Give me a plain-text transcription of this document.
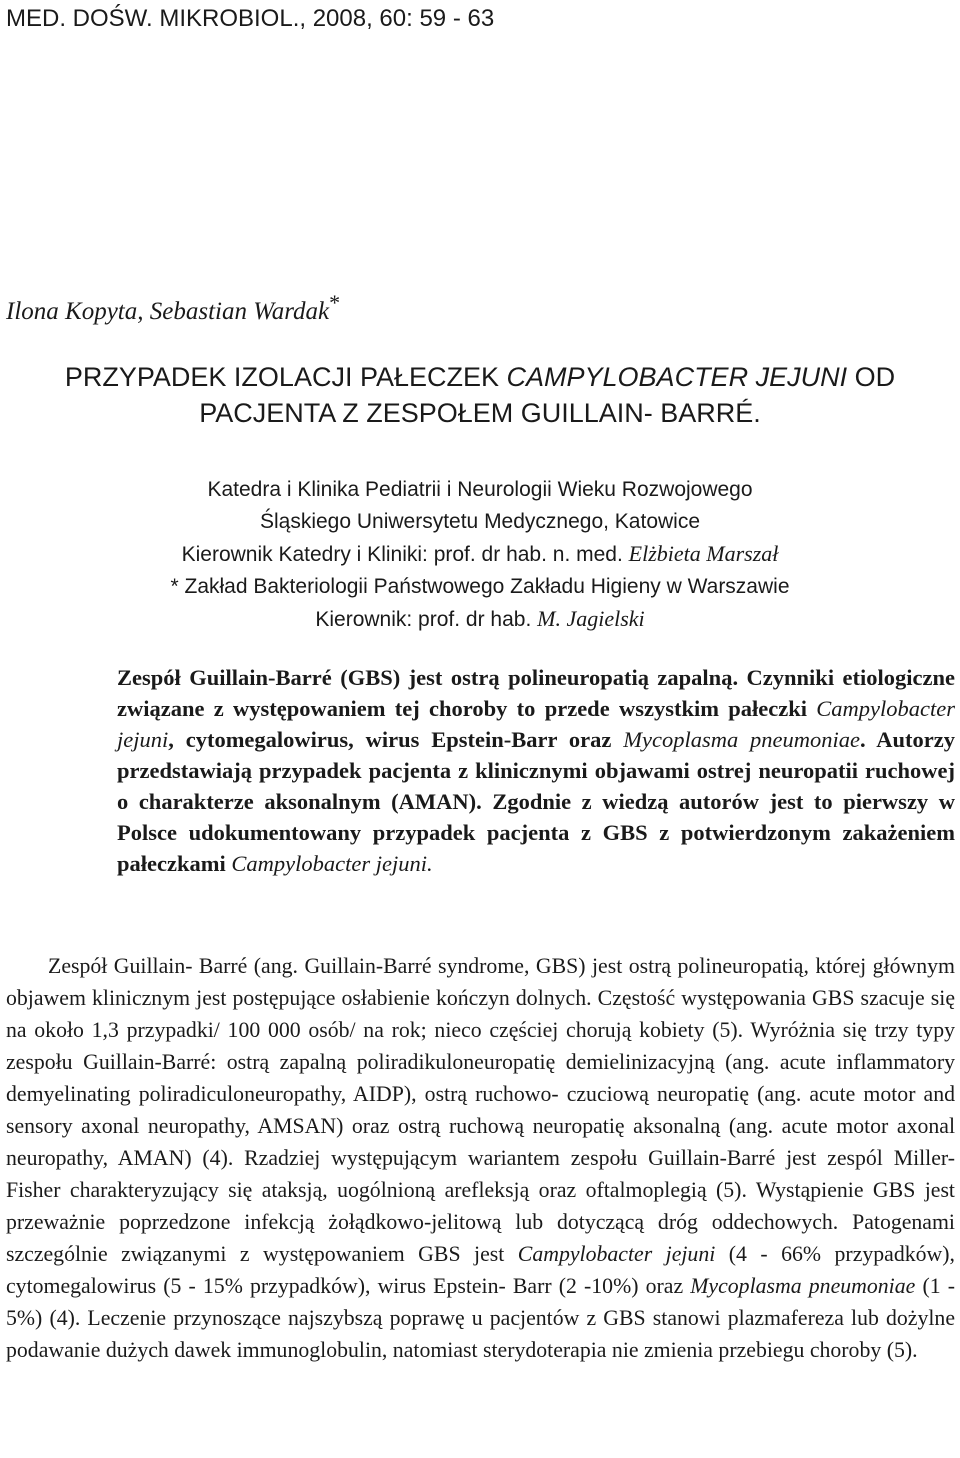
MED. DOŚW. MIKROBIOL., 2008, 60: 59 - 63
Ilona Kopyta, Sebastian Wardak*
PRZYPADEK IZOLACJI PAŁECZEK CAMPYLOBACTER JEJUNI OD
PACJENTA Z ZESPOŁEM GUILLAIN- BARRÉ.
Katedra i Klinika Pediatrii i Neurologii Wieku Rozwojowego
Śląskiego Uniwersytetu Medycznego, Katowice
Kierownik Katedry i Kliniki: prof. dr hab. n. med. Elżbieta Marszał
* Zakład Bakteriologii Państwowego Zakładu Higieny w Warszawie
Kierownik: prof. dr hab. M. Jagielski
Zespół Guillain-Barré (GBS) jest ostrą polineuropatią zapalną. Czynniki etiologiczne związane z występowaniem tej choroby to przede wszystkim pałeczki Campylobacter jejuni, cytomegalowirus, wirus Epstein-Barr oraz Mycoplasma pneumoniae. Autorzy przedstawiają przypadek pacjenta z klinicznymi objawami ostrej neuropatii ruchowej o charakterze aksonalnym (AMAN). Zgodnie z wiedzą autorów jest to pierwszy w Polsce udokumentowany przypadek pacjenta z GBS z potwierdzonym zakażeniem pałeczkami Campylobacter jejuni.

Zespół Guillain- Barré (ang. Guillain-Barré syndrome, GBS) jest ostrą polineuropatią, której głównym objawem klinicznym jest postępujące osłabienie kończyn dolnych. Częstość występowania GBS szacuje się na około 1,3 przypadki/ 100 000 osób/ na rok; nieco częściej chorują kobiety (5). Wyróżnia się trzy typy zespołu Guillain-Barré: ostrą zapalną poliradikuloneuropatię demielinizacyjną (ang. acute inflammatory demyelinating poliradiculoneuropathy, AIDP), ostrą ruchowo- czuciową neuropatię (ang. acute motor and sensory axonal neuropathy, AMSAN) oraz ostrą ruchową neuropatię aksonalną (ang. acute motor axonal neuropathy, AMAN) (4). Rzadziej występującym wariantem zespołu Guillain-Barré jest zespól Miller-Fisher charakteryzujący się ataksją, uogólnioną arefleksją oraz oftalmoplegią (5). Wystąpienie GBS jest przeważnie poprzedzone infekcją żołądkowo-jelitową lub dotyczącą dróg oddechowych. Patogenami szczególnie związanymi z występowaniem GBS jest Campylobacter jejuni (4 - 66% przypadków), cytomegalowirus (5 - 15% przypadków), wirus Epstein- Barr (2 -10%) oraz Mycoplasma pneumoniae (1 - 5%) (4). Leczenie przynoszące najszybszą poprawę u pacjentów z GBS stanowi plazmafereza lub dożylne podawanie dużych dawek immunoglobulin, natomiast sterydoterapia nie zmienia przebiegu choroby (5).
